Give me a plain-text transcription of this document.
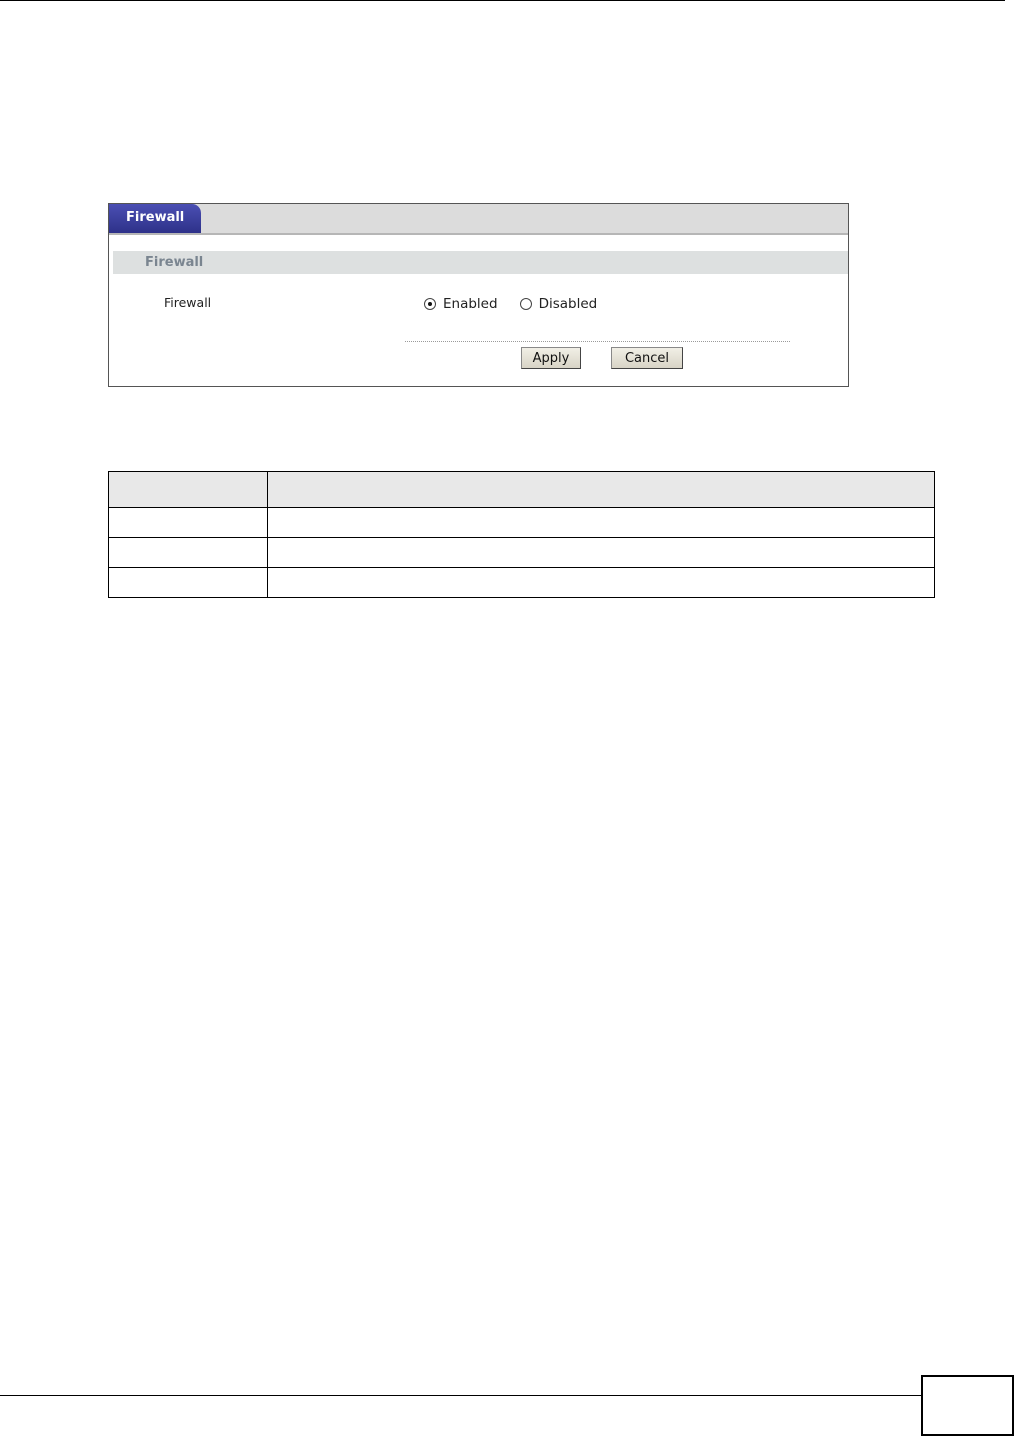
Firewall
Firewall
Firewall	Enabled	Disabled
Apply	Cancel
